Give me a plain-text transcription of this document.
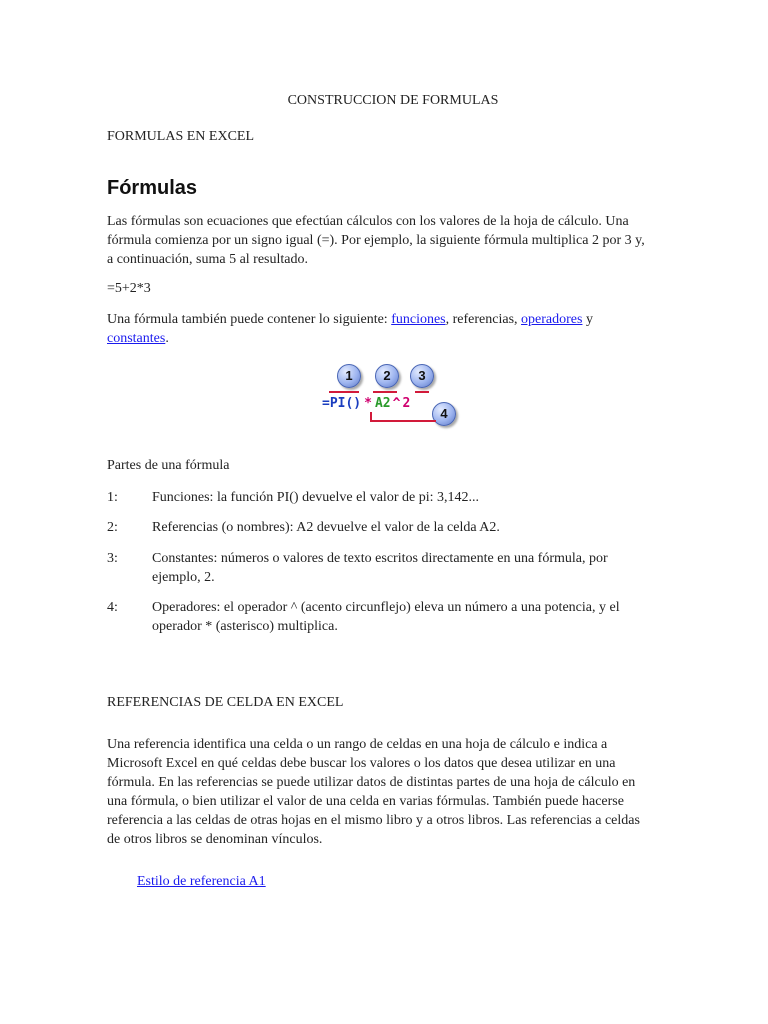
CONSTRUCCION DE FORMULAS
FORMULAS EN EXCEL
Fórmulas
Las fórmulas son ecuaciones que efectúan cálculos con los valores de la hoja de cálculo. Una fórmula comienza por un signo igual (=). Por ejemplo, la siguiente fórmula multiplica 2 por 3 y, a continuación, suma 5 al resultado.
=5+2*3
Una fórmula también puede contener lo siguiente: funciones, referencias, operadores y constantes.
1	2	3
4
=PI() * A2 ^ 2
Partes de una fórmula
1:	Funciones: la función PI() devuelve el valor de pi: 3,142...
2:	Referencias (o nombres): A2 devuelve el valor de la celda A2.
3:	Constantes: números o valores de texto escritos directamente en una fórmula, por ejemplo, 2.
4:	Operadores: el operador ^ (acento circunflejo) eleva un número a una potencia, y el operador * (asterisco) multiplica.
REFERENCIAS DE CELDA EN EXCEL
Una referencia identifica una celda o un rango de celdas en una hoja de cálculo e indica a Microsoft Excel en qué celdas debe buscar los valores o los datos que desea utilizar en una fórmula. En las referencias se puede utilizar datos de distintas partes de una hoja de cálculo en una fórmula, o bien utilizar el valor de una celda en varias fórmulas. También puede hacerse referencia a las celdas de otras hojas en el mismo libro y a otros libros. Las referencias a celdas de otros libros se denominan vínculos.
Estilo de referencia A1
